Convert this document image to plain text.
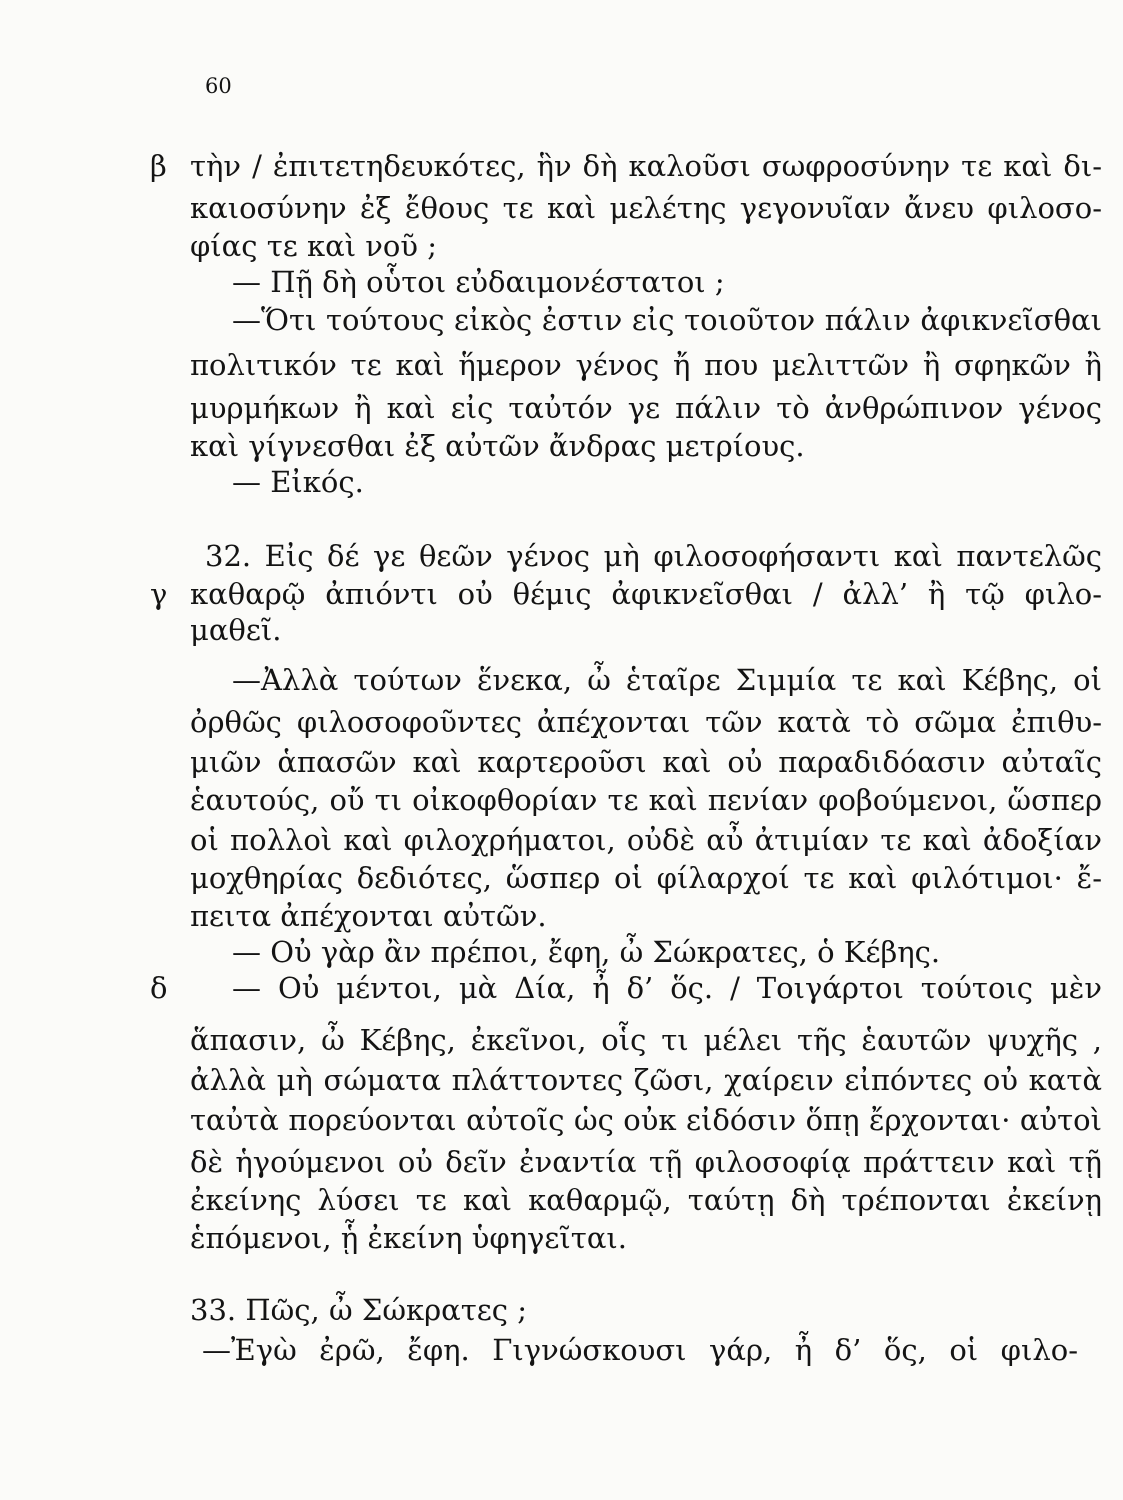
60
β
γ
δ
τὴν / ἐπιτετηδευκότες, ἣν δὴ καλοῦσι σωφροσύνην τε καὶ δι-
καιοσύνην ἐξ ἔθους τε καὶ μελέτης γεγονυῖαν ἄνευ φιλοσο-
φίας τε καὶ νοῦ ;
— Πῇ δὴ οὗτοι εὐδαιμονέστατοι ;
—Ὅτι τούτους εἰκὸς ἐστιν εἰς τοιοῦτον πάλιν ἀφικνεῖσθαι
πολιτικόν τε καὶ ἥμερον γένος ἤ που μελιττῶν ἢ σφηκῶν ἢ
μυρμήκων ἢ καὶ εἰς ταὐτόν γε πάλιν τὸ ἀνθρώπινον γένος
καὶ γίγνεσθαι ἐξ αὐτῶν ἄνδρας μετρίους.
— Εἰκός.
32. Εἰς δέ γε θεῶν γένος μὴ φιλοσοφήσαντι καὶ παντελῶς
καθαρῷ ἀπιόντι οὐ θέμις ἀφικνεῖσθαι / ἀλλ’ ἢ τῷ φιλο-
μαθεῖ.
—Ἀλλὰ τούτων ἕνεκα, ὦ ἑταῖρε Σιμμία τε καὶ Κέβης, οἱ
ὀρθῶς φιλοσοφοῦντες ἀπέχονται τῶν κατὰ τὸ σῶμα ἐπιθυ-
μιῶν ἁπασῶν καὶ καρτεροῦσι καὶ οὐ παραδιδόασιν αὐταῖς
ἑαυτούς, οὔ τι οἰκοφθορίαν τε καὶ πενίαν φοβούμενοι, ὥσπερ
οἱ πολλοὶ καὶ φιλοχρήματοι, οὐδὲ αὖ ἀτιμίαν τε καὶ ἀδοξίαν
μοχθηρίας δεδιότες, ὥσπερ οἱ φίλαρχοί τε καὶ φιλότιμοι· ἔ-
πειτα ἀπέχονται αὐτῶν.
— Οὐ γὰρ ἂν πρέποι, ἔφη, ὦ Σώκρατες, ὁ Κέβης.
— Οὐ μέντοι, μὰ Δία, ἦ δ’ ὅς. / Τοιγάρτοι τούτοις μὲν
ἅπασιν, ὦ Κέβης, ἐκεῖνοι, οἷς τι μέλει τῆς ἑαυτῶν ψυχῆς ,
ἀλλὰ μὴ σώματα πλάττοντες ζῶσι, χαίρειν εἰπόντες οὐ κατὰ
ταὐτὰ πορεύονται αὐτοῖς ὡς οὐκ εἰδόσιν ὅπῃ ἔρχονται· αὐτοὶ
δὲ ἡγούμενοι οὐ δεῖν ἐναντία τῇ φιλοσοφίᾳ πράττειν καὶ τῇ
ἐκείνης λύσει τε καὶ καθαρμῷ, ταύτῃ δὴ τρέπονται ἐκείνῃ
ἑπόμενοι, ᾗ ἐκείνη ὑφηγεῖται.
33. Πῶς, ὦ Σώκρατες ;
—Ἐγὼ ἐρῶ, ἔφη. Γιγνώσκουσι γάρ, ἦ δ’ ὅς, οἱ φιλο-
